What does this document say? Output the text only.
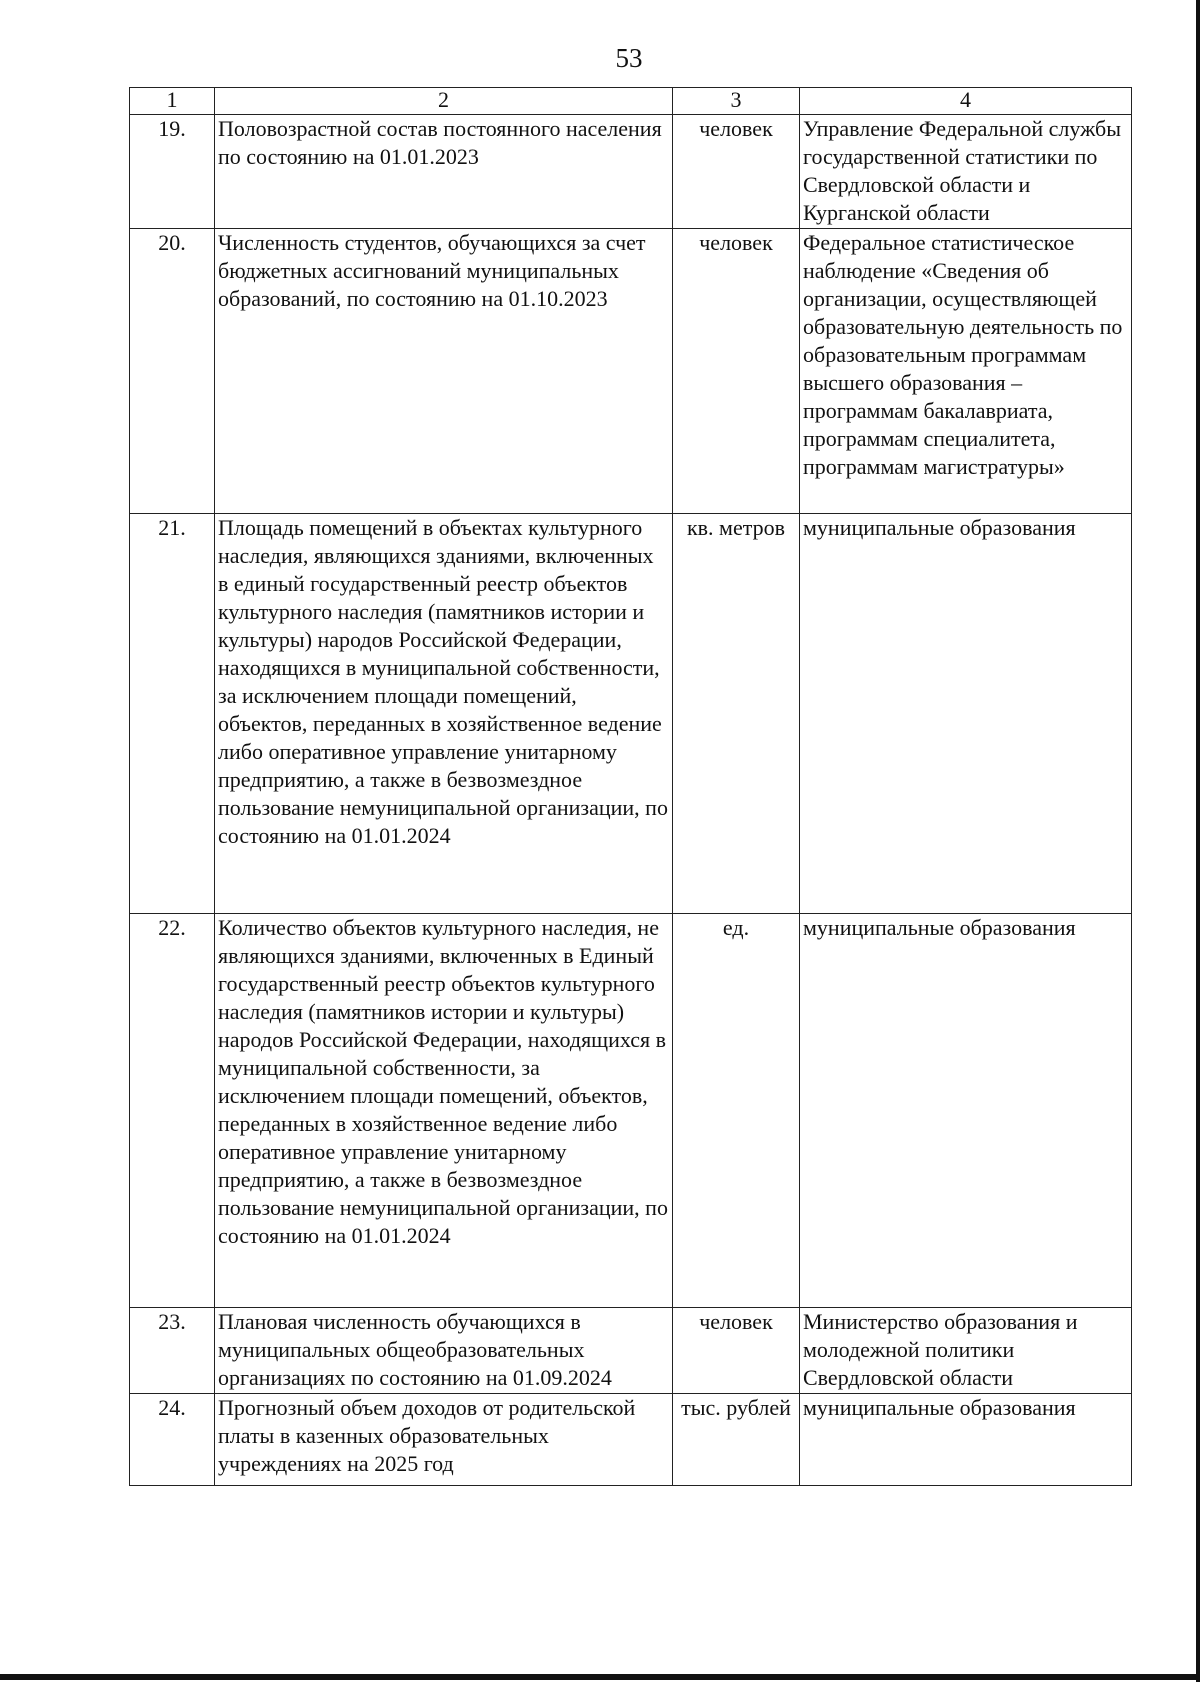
53
1	2	3	4
19.	Половозрастной состав постоянного населения по состоянию на 01.01.2023	человек	Управление Федеральной службы государственной статистики по Свердловской области и Курганской области
20.	Численность студентов, обучающихся за счет бюджетных ассигнований муниципальных образований, по состоянию на 01.10.2023	человек	Федеральное статистическое наблюдение «Сведения об организации, осуществляющей образовательную деятельность по образовательным программам высшего образования – программам бакалавриата, программам специалитета, программам магистратуры»
21.	Площадь помещений в объектах культурного наследия, являющихся зданиями, включенных в единый государственный реестр объектов культурного наследия (памятников истории и культуры) народов Российской Федерации, находящихся в муниципальной собственности, за исключением площади помещений, объектов, переданных в хозяйственное ведение либо оперативное управление унитарному предприятию, а также в безвозмездное пользование немуниципальной организации, по состоянию на 01.01.2024	кв. метров	муниципальные образования
22.	Количество объектов культурного наследия, не являющихся зданиями, включенных в Единый государственный реестр объектов культурного наследия (памятников истории и культуры) народов Российской Федерации, находящихся в муниципальной собственности, за исключением площади помещений, объектов, переданных в хозяйственное ведение либо оперативное управление унитарному предприятию, а также в безвозмездное пользование немуниципальной организации, по состоянию на 01.01.2024	ед.	муниципальные образования
23.	Плановая численность обучающихся в муниципальных общеобразовательных организациях по состоянию на 01.09.2024	человек	Министерство образования и молодежной политики Свердловской области
24.	Прогнозный объем доходов от родительской платы в казенных образовательных учреждениях на 2025 год	тыс. рублей	муниципальные образования
